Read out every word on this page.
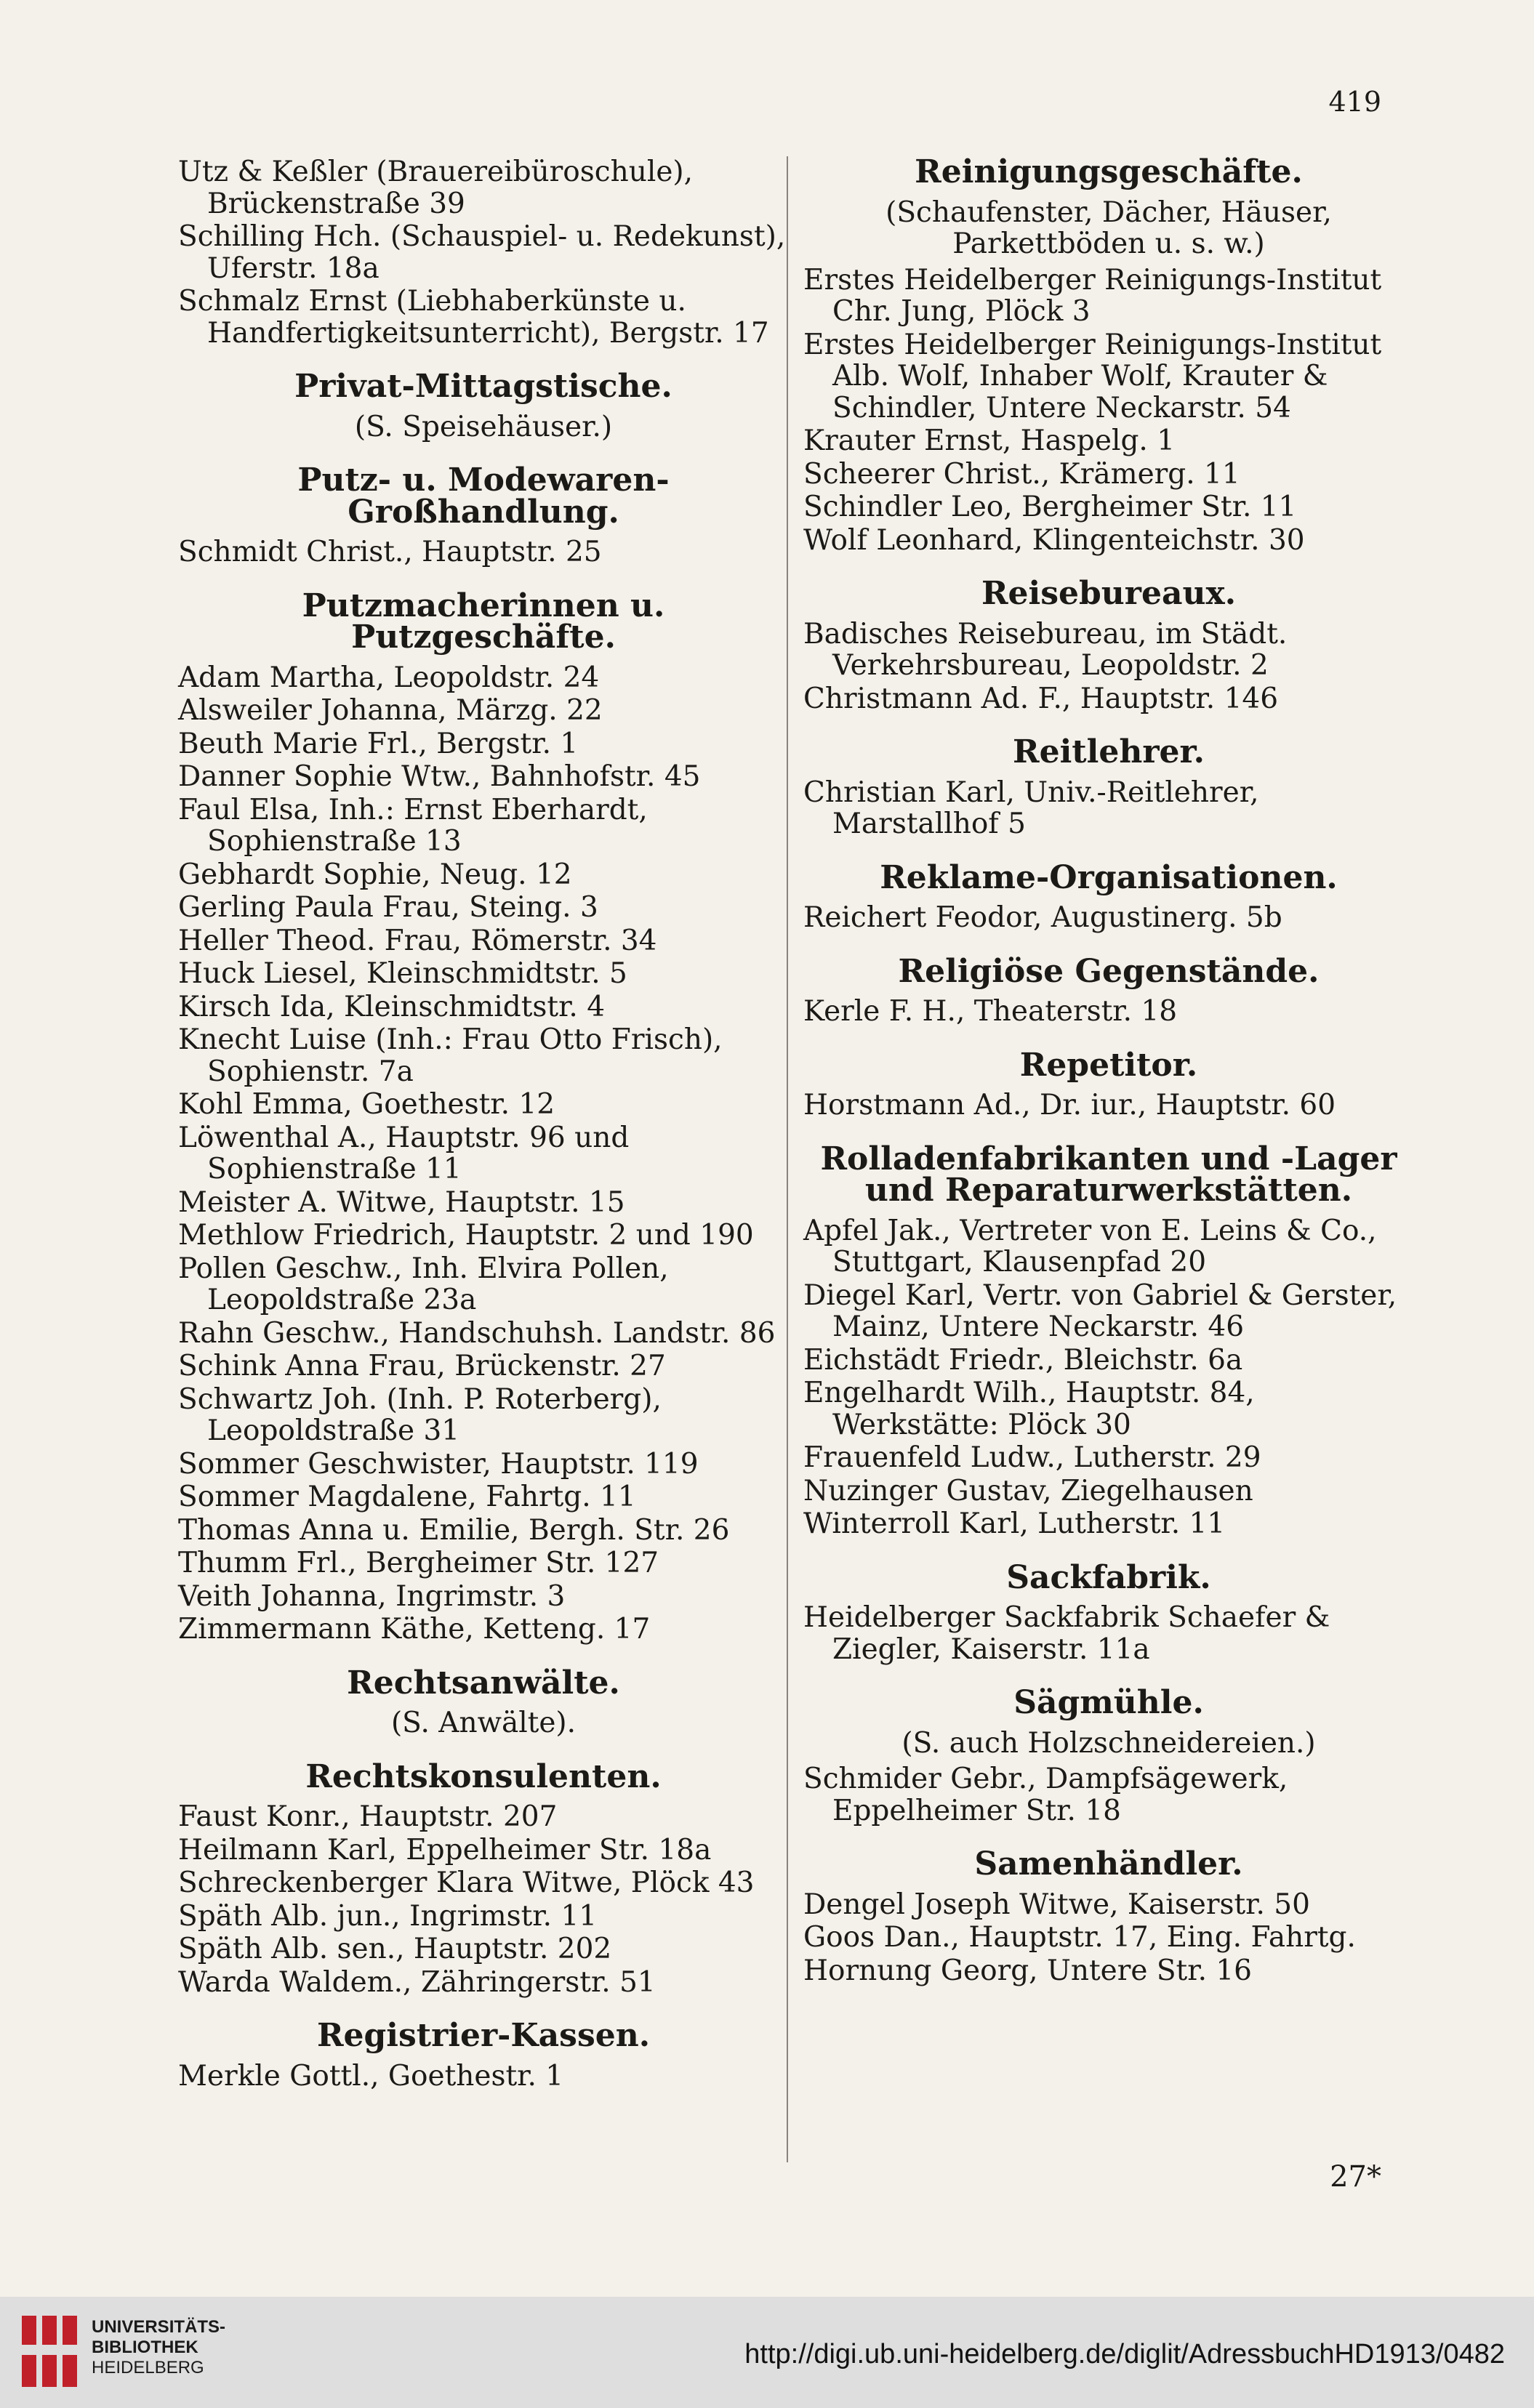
419
Utz & Keßler (Brauereibüroschule), Brückenstraße 39
Schilling Hch. (Schauspiel- u. Redekunst), Uferstr. 18a
Schmalz Ernst (Liebhaberkünste u. Handfertigkeitsunterricht), Bergstr. 17
Privat-Mittagstische.
(S. Speisehäuser.)
Putz- u. Modewaren-Großhandlung.
Schmidt Christ., Hauptstr. 25
Putzmacherinnen u. Putzgeschäfte.
Adam Martha, Leopoldstr. 24
Alsweiler Johanna, Märzg. 22
Beuth Marie Frl., Bergstr. 1
Danner Sophie Wtw., Bahnhofstr. 45
Faul Elsa, Inh.: Ernst Eberhardt, Sophienstraße 13
Gebhardt Sophie, Neug. 12
Gerling Paula Frau, Steing. 3
Heller Theod. Frau, Römerstr. 34
Huck Liesel, Kleinschmidtstr. 5
Kirsch Ida, Kleinschmidtstr. 4
Knecht Luise (Inh.: Frau Otto Frisch), Sophienstr. 7a
Kohl Emma, Goethestr. 12
Löwenthal A., Hauptstr. 96 und Sophienstraße 11
Meister A. Witwe, Hauptstr. 15
Methlow Friedrich, Hauptstr. 2 und 190
Pollen Geschw., Inh. Elvira Pollen, Leopoldstraße 23a
Rahn Geschw., Handschuhsh. Landstr. 86
Schink Anna Frau, Brückenstr. 27
Schwartz Joh. (Inh. P. Roterberg), Leopoldstraße 31
Sommer Geschwister, Hauptstr. 119
Sommer Magdalene, Fahrtg. 11
Thomas Anna u. Emilie, Bergh. Str. 26
Thumm Frl., Bergheimer Str. 127
Veith Johanna, Ingrimstr. 3
Zimmermann Käthe, Ketteng. 17
Rechtsanwälte.
(S. Anwälte).
Rechtskonsulenten.
Faust Konr., Hauptstr. 207
Heilmann Karl, Eppelheimer Str. 18a
Schreckenberger Klara Witwe, Plöck 43
Späth Alb. jun., Ingrimstr. 11
Späth Alb. sen., Hauptstr. 202
Warda Waldem., Zähringerstr. 51
Registrier-Kassen.
Merkle Gottl., Goethestr. 1
Reinigungsgeschäfte.
(Schaufenster, Dächer, Häuser, Parkettböden u. s. w.)
Erstes Heidelberger Reinigungs-Institut Chr. Jung, Plöck 3
Erstes Heidelberger Reinigungs-Institut Alb. Wolf, Inhaber Wolf, Krauter & Schindler, Untere Neckarstr. 54
Krauter Ernst, Haspelg. 1
Scheerer Christ., Krämerg. 11
Schindler Leo, Bergheimer Str. 11
Wolf Leonhard, Klingenteichstr. 30
Reisebureaux.
Badisches Reisebureau, im Städt. Verkehrsbureau, Leopoldstr. 2
Christmann Ad. F., Hauptstr. 146
Reitlehrer.
Christian Karl, Univ.-Reitlehrer, Marstallhof 5
Reklame-Organisationen.
Reichert Feodor, Augustinerg. 5b
Religiöse Gegenstände.
Kerle F. H., Theaterstr. 18
Repetitor.
Horstmann Ad., Dr. iur., Hauptstr. 60
Rolladenfabrikanten und -Lager und Reparaturwerkstätten.
Apfel Jak., Vertreter von E. Leins & Co., Stuttgart, Klausenpfad 20
Diegel Karl, Vertr. von Gabriel & Gerster, Mainz, Untere Neckarstr. 46
Eichstädt Friedr., Bleichstr. 6a
Engelhardt Wilh., Hauptstr. 84, Werkstätte: Plöck 30
Frauenfeld Ludw., Lutherstr. 29
Nuzinger Gustav, Ziegelhausen
Winterroll Karl, Lutherstr. 11
Sackfabrik.
Heidelberger Sackfabrik Schaefer & Ziegler, Kaiserstr. 11a
Sägmühle.
(S. auch Holzschneidereien.)
Schmider Gebr., Dampfsägewerk, Eppelheimer Str. 18
Samenhändler.
Dengel Joseph Witwe, Kaiserstr. 50
Goos Dan., Hauptstr. 17, Eing. Fahrtg.
Hornung Georg, Untere Str. 16
27*
UNIVERSITÄTS-
BIBLIOTHEK
HEIDELBERG	http://digi.ub.uni-heidelberg.de/diglit/AdressbuchHD1913/0482
